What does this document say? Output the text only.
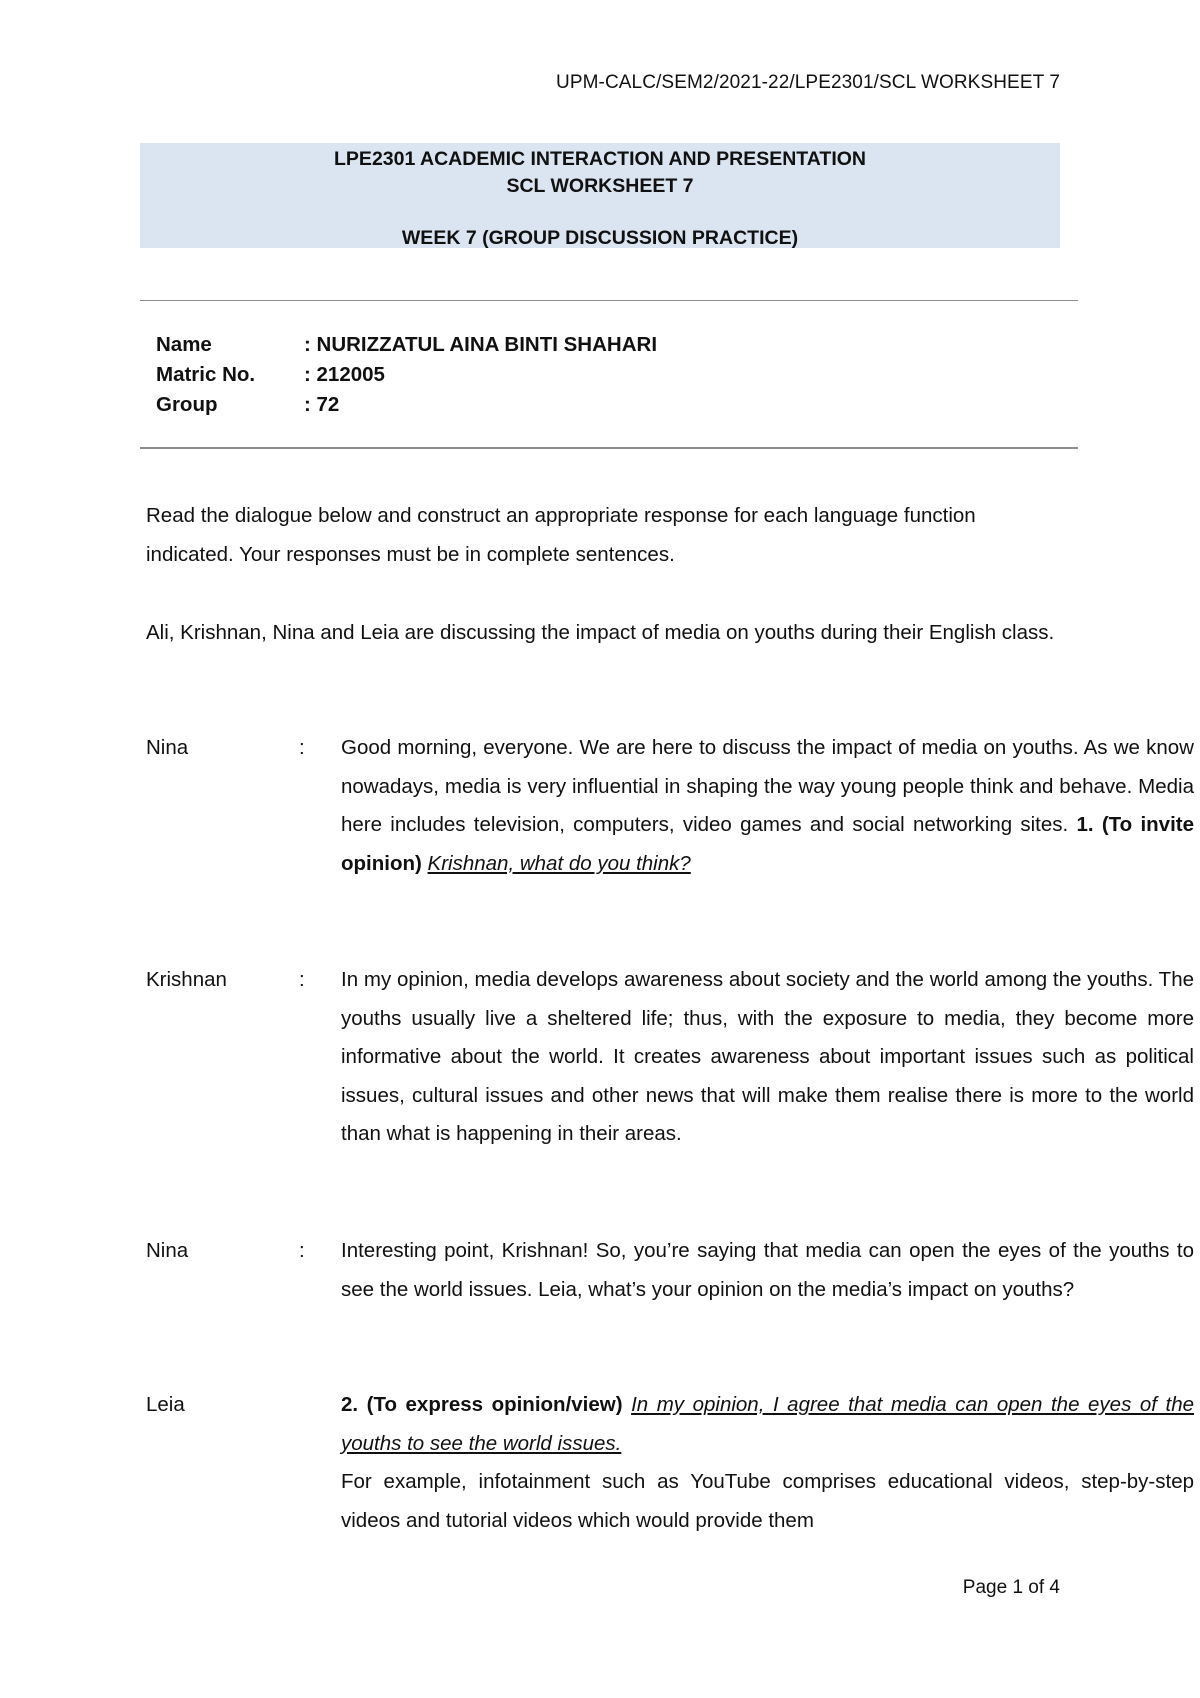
UPM-CALC/SEM2/2021-22/LPE2301/SCL WORKSHEET 7
LPE2301 ACADEMIC INTERACTION AND PRESENTATION
SCL WORKSHEET 7
WEEK 7 (GROUP DISCUSSION PRACTICE)
Name	: NURIZZATUL AINA BINTI SHAHARI
Matric No.	: 212005
Group	: 72
Read the dialogue below and construct an appropriate response for each language function indicated. Your responses must be in complete sentences.
Ali, Krishnan, Nina and Leia are discussing the impact of media on youths during their English class.
Nina	: Good morning, everyone. We are here to discuss the impact of media on youths. As we know nowadays, media is very influential in shaping the way young people think and behave. Media here includes television, computers, video games and social networking sites. 1. (To invite opinion) Krishnan, what do you think?
Krishnan	: In my opinion, media develops awareness about society and the world among the youths. The youths usually live a sheltered life; thus, with the exposure to media, they become more informative about the world. It creates awareness about important issues such as political issues, cultural issues and other news that will make them realise there is more to the world than what is happening in their areas.
Nina	: Interesting point, Krishnan! So, you’re saying that media can open the eyes of the youths to see the world issues. Leia, what’s your opinion on the media’s impact on youths?
Leia	2. (To express opinion/view) In my opinion, I agree that media can open the eyes of the youths to see the world issues.
For example, infotainment such as YouTube comprises educational videos, step-by-step videos and tutorial videos which would provide them
Page 1 of 4
